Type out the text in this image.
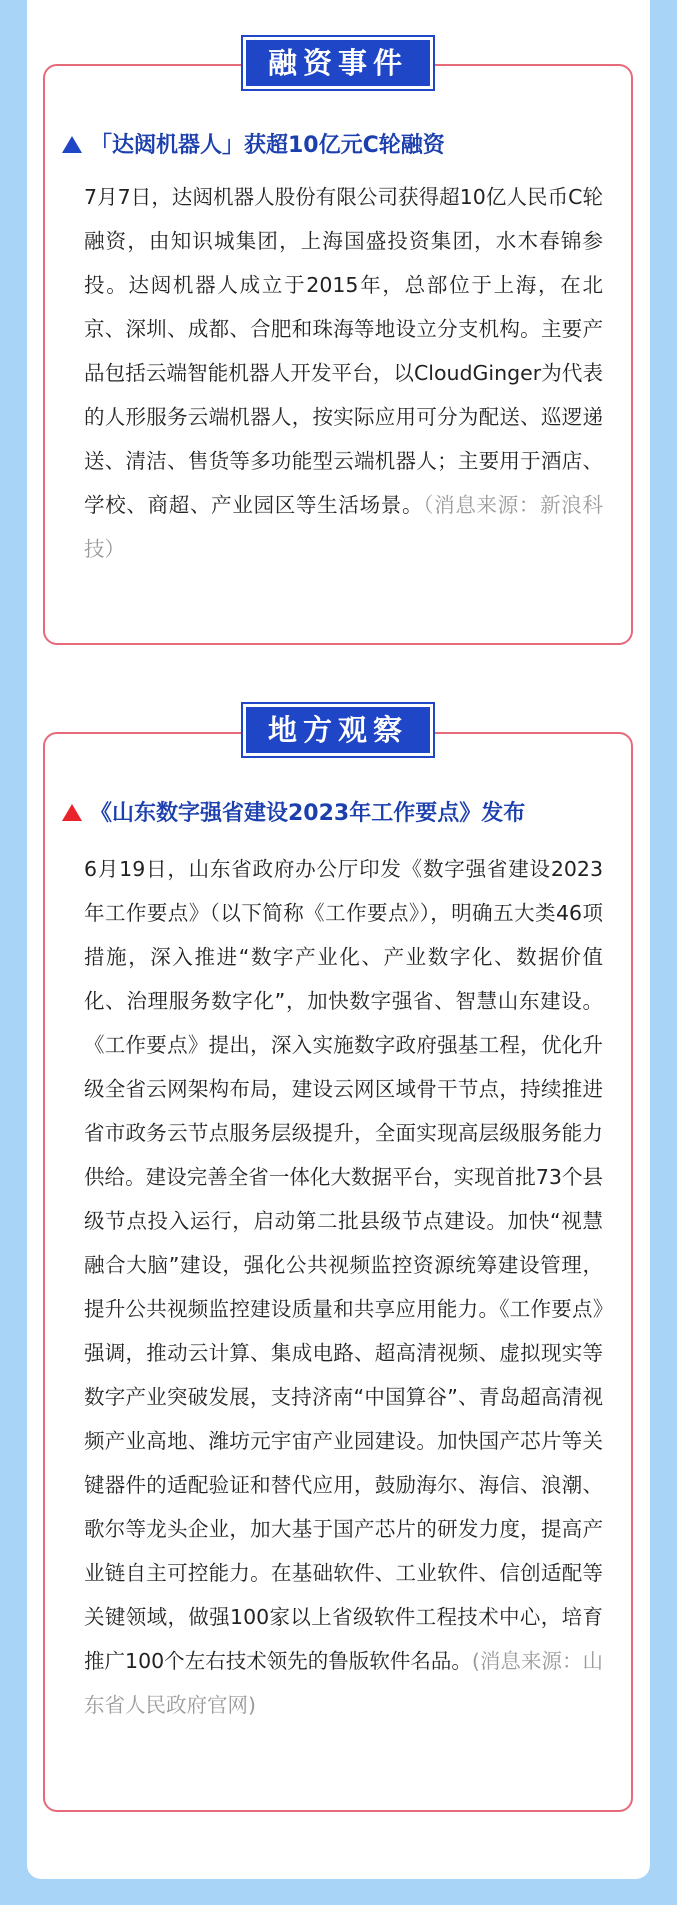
融资事件
「达闼机器人」获超10亿元C轮融资
7月7日，达闼机器人股份有限公司获得超10亿人民币C轮融资，由知识城集团，上海国盛投资集团，水木春锦参投。达闼机器人成立于2015年，总部位于上海，在北京、深圳、成都、合肥和珠海等地设立分支机构。主要产品包括云端智能机器人开发平台，以CloudGinger为代表的人形服务云端机器人，按实际应用可分为配送、巡逻递送、清洁、售货等多功能型云端机器人；主要用于酒店、学校、商超、产业园区等生活场景。（消息来源：新浪科技）
地方观察
《山东数字强省建设2023年工作要点》发布
6月19日，山东省政府办公厅印发《数字强省建设2023年工作要点》（以下简称《工作要点》），明确五大类46项措施，深入推进“数字产业化、产业数字化、数据价值化、治理服务数字化”，加快数字强省、智慧山东建设。《工作要点》提出，深入实施数字政府强基工程，优化升级全省云网架构布局，建设云网区域骨干节点，持续推进省市政务云节点服务层级提升，全面实现高层级服务能力供给。建设完善全省一体化大数据平台，实现首批73个县级节点投入运行，启动第二批县级节点建设。加快“视慧融合大脑”建设，强化公共视频监控资源统筹建设管理，提升公共视频监控建设质量和共享应用能力。《工作要点》强调，推动云计算、集成电路、超高清视频、虚拟现实等数字产业突破发展，支持济南“中国算谷”、青岛超高清视频产业高地、潍坊元宇宙产业园建设。加快国产芯片等关键器件的适配验证和替代应用，鼓励海尔、海信、浪潮、歌尔等龙头企业，加大基于国产芯片的研发力度，提高产业链自主可控能力。在基础软件、工业软件、信创适配等关键领域，做强100家以上省级软件工程技术中心，培育推广100个左右技术领先的鲁版软件名品。(消息来源：山东省人民政府官网)
